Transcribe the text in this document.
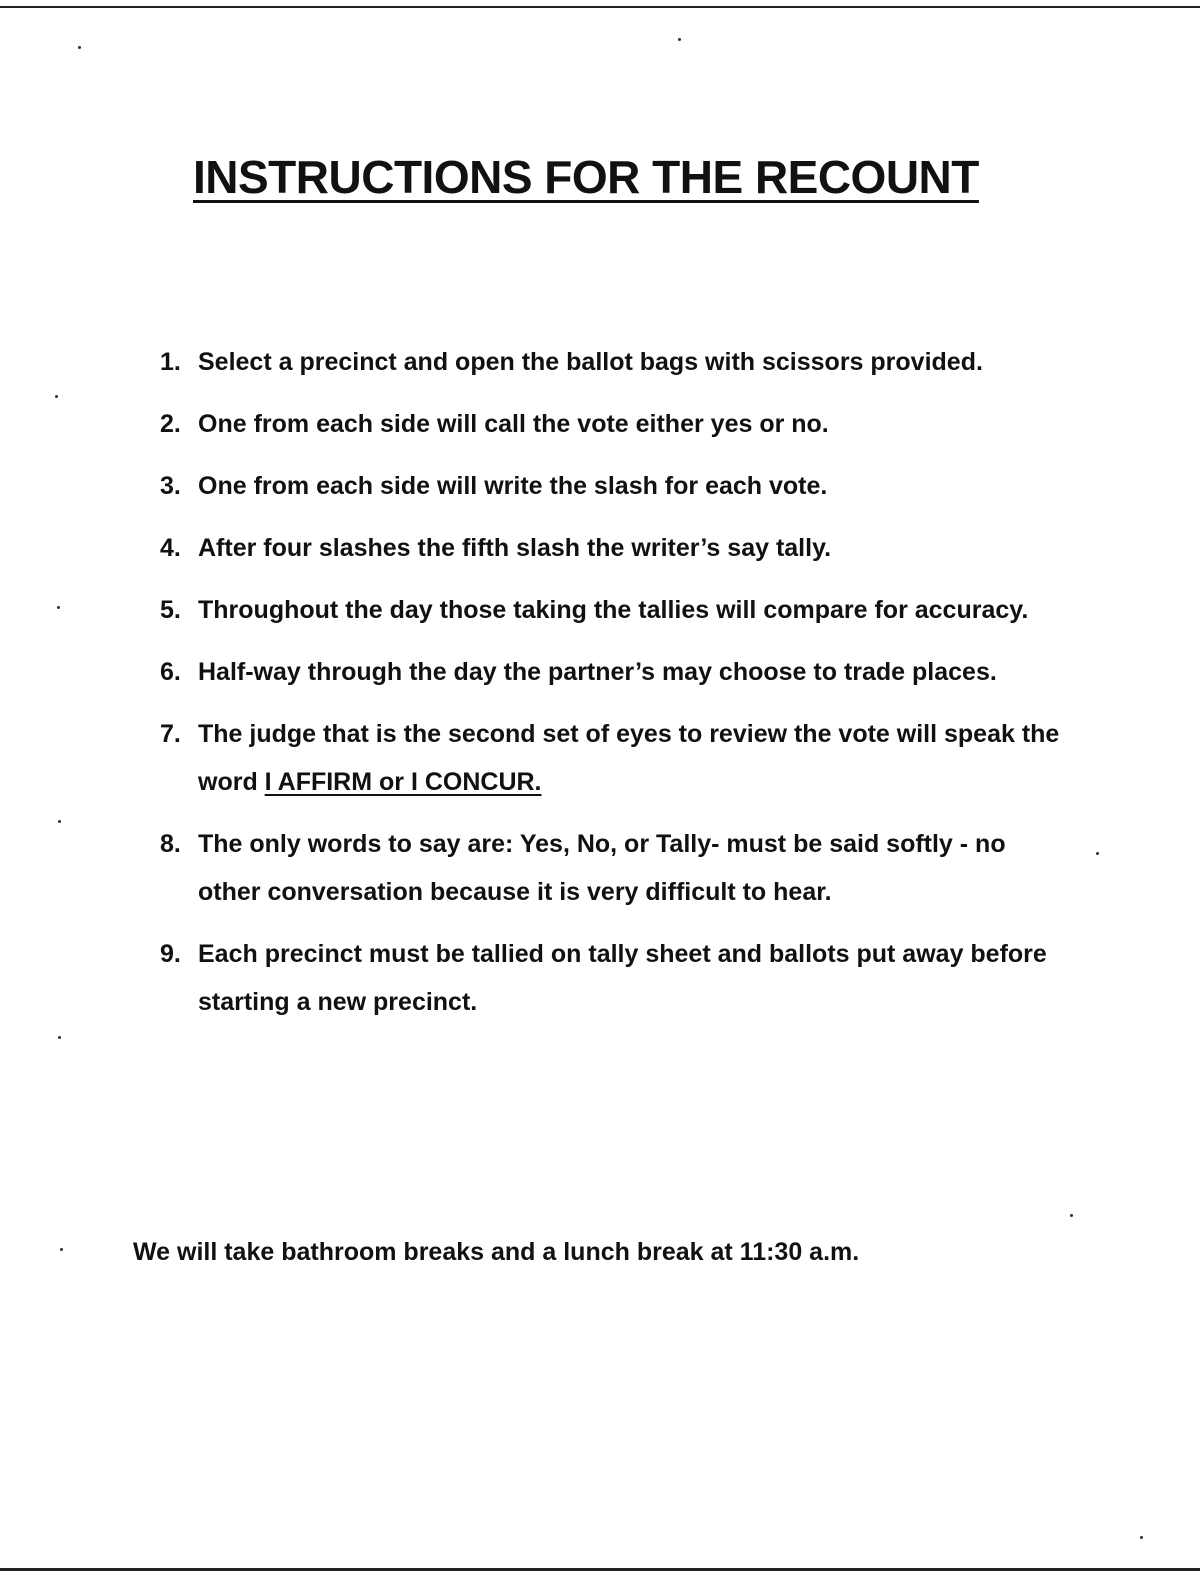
INSTRUCTIONS FOR THE RECOUNT
1. Select a precinct and open the ballot bags with scissors provided.
2. One from each side will call the vote either yes or no.
3. One from each side will write the slash for each vote.
4. After four slashes the fifth slash the writer’s say tally.
5. Throughout the day those taking the tallies will compare for accuracy.
6. Half-way through the day the partner’s may choose to trade places.
7. The judge that is the second set of eyes to review the vote will speak the word I AFFIRM or I CONCUR.
8. The only words to say are: Yes, No, or Tally- must be said softly - no other conversation because it is very difficult to hear.
9. Each precinct must be tallied on tally sheet and ballots put away before starting a new precinct.

We will take bathroom breaks and a lunch break at 11:30 a.m.
